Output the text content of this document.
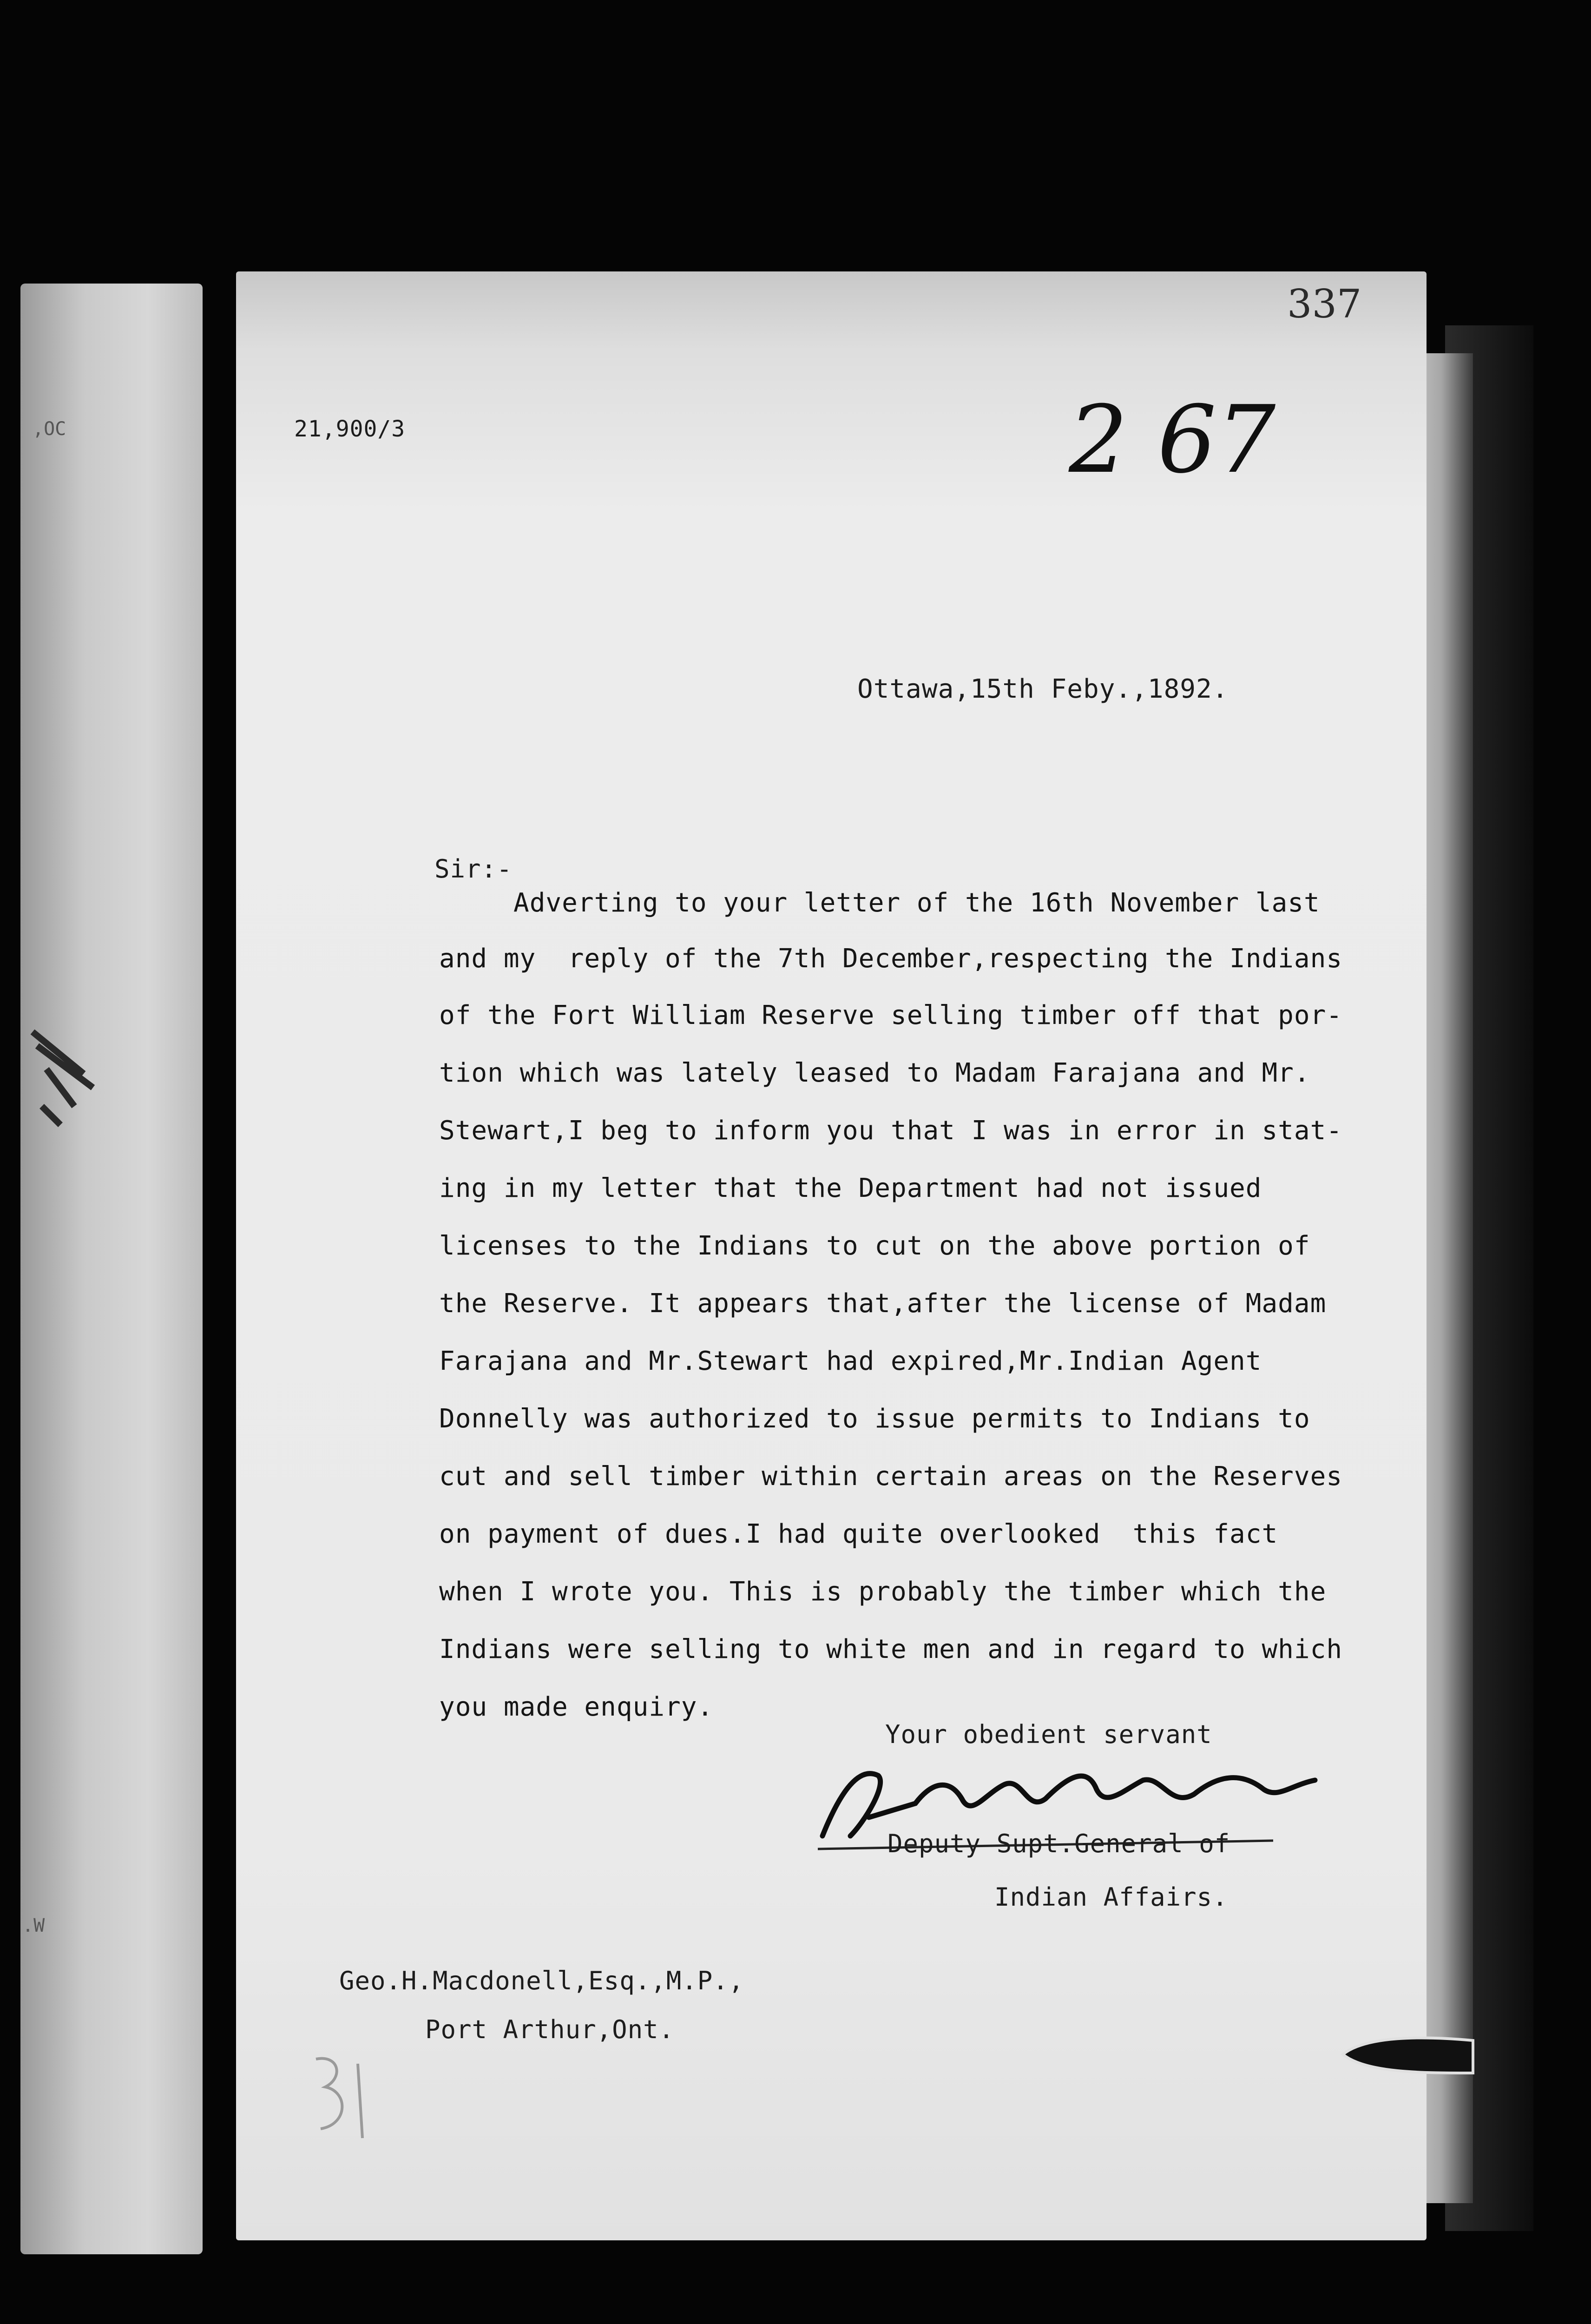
,OC
.W
337
21,900/3	2 67
Ottawa,15th Feby.,1892.
Sir:-
Adverting to your letter of the 16th November last
and my  reply of the 7th December,respecting the Indians
of the Fort William Reserve selling timber off that por-
tion which was lately leased to Madam Farajana and Mr.
Stewart,I beg to inform you that I was in error in stat-
ing in my letter that the Department had not issued
licenses to the Indians to cut on the above portion of
the Reserve. It appears that,after the license of Madam
Farajana and Mr.Stewart had expired,Mr.Indian Agent
Donnelly was authorized to issue permits to Indians to
cut and sell timber within certain areas on the Reserves
on payment of dues.I had quite overlooked  this fact
when I wrote you. This is probably the timber which the
Indians were selling to white men and in regard to which
you made enquiry.
Your obedient servant
Deputy Supt.General of
Indian Affairs.
Geo.H.Macdonell,Esq.,M.P.,
Port Arthur,Ont.
